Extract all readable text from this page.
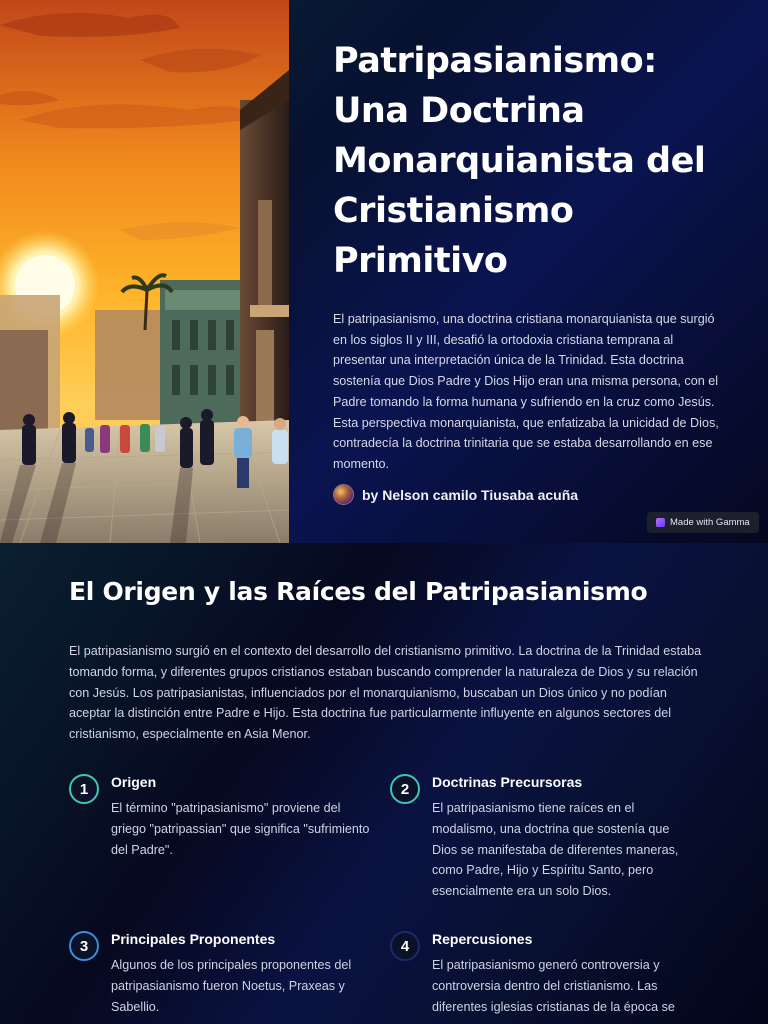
Patripasianismo:
Una Doctrina
Monarquianista del
Cristianismo
Primitivo

El patripasianismo, una doctrina cristiana monarquianista que surgió en los siglos II y III, desafió la ortodoxia cristiana temprana al presentar una interpretación única de la Trinidad. Esta doctrina sostenía que Dios Padre y Dios Hijo eran una misma persona, con el Padre tomando la forma humana y sufriendo en la cruz como Jesús. Esta perspectiva monarquianista, que enfatizaba la unicidad de Dios, contradecía la doctrina trinitaria que se estaba desarrollando en ese momento.

by Nelson camilo Tiusaba acuña
Made with Gamma
El Origen y las Raíces del Patripasianismo

El patripasianismo surgió en el contexto del desarrollo del cristianismo primitivo. La doctrina de la Trinidad estaba tomando forma, y diferentes grupos cristianos estaban buscando comprender la naturaleza de Dios y su relación con Jesús. Los patripasianistas, influenciados por el monarquianismo, buscaban un Dios único y no podían aceptar la distinción entre Padre e Hijo. Esta doctrina fue particularmente influyente en algunos sectores del cristianismo, especialmente en Asia Menor.

1	Origen
El término "patripasianismo" proviene del griego "patripassian" que significa "sufrimiento del Padre".
2	Doctrinas Precursoras
El patripasianismo tiene raíces en el modalismo, una doctrina que sostenía que Dios se manifestaba de diferentes maneras, como Padre, Hijo y Espíritu Santo, pero esencialmente era un solo Dios.
3	Principales Proponentes
Algunos de los principales proponentes del patripasianismo fueron Noetus, Praxeas y Sabellio.
4	Repercusiones
El patripasianismo generó controversia y controversia dentro del cristianismo. Las diferentes iglesias cristianas de la época se
